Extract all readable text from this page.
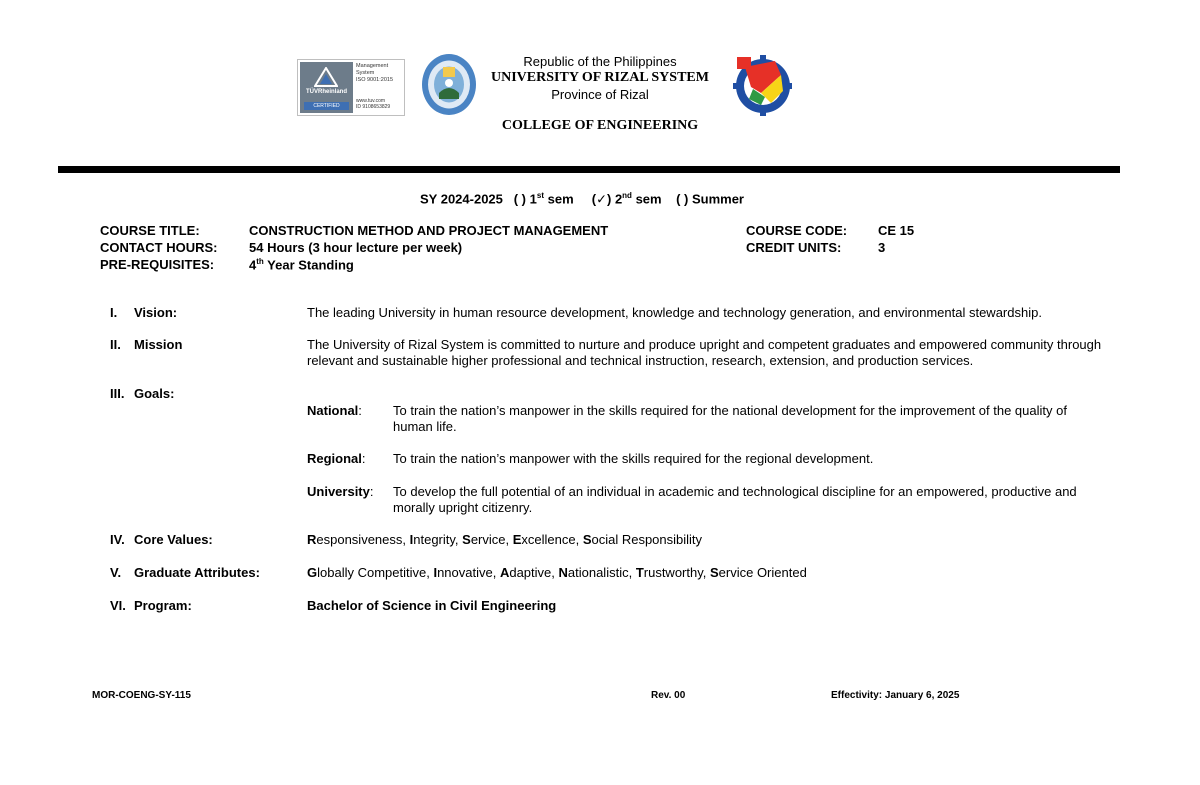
TÜVRheinland
CERTIFIED
Management
System
ISO 9001:2015
www.tuv.com
ID 9108653829
Republic of the Philippines
UNIVERSITY OF RIZAL SYSTEM
Province of Rizal
COLLEGE OF ENGINEERING
SY 2024-2025 ( ) 1st sem (✓) 2nd sem ( ) Summer
COURSE TITLE:	CONSTRUCTION METHOD AND PROJECT MANAGEMENT	COURSE CODE: CE 15
CONTACT HOURS: 54 Hours (3 hour lecture per week)	CREDIT UNITS:	3
PRE-REQUISITES:	4th Year Standing
I. Vision:	The leading University in human resource development, knowledge and technology generation, and environmental stewardship.
II. Mission	The University of Rizal System is committed to nurture and produce upright and competent graduates and empowered community through relevant and sustainable higher professional and technical instruction, research, extension, and production services.
III. Goals:
National: To train the nation’s manpower in the skills required for the national development for the improvement of the quality of human life.
Regional: To train the nation’s manpower with the skills required for the regional development.
University: To develop the full potential of an individual in academic and technological discipline for an empowered, productive and morally upright citizenry.
IV. Core Values:	Responsiveness, Integrity, Service, Excellence, Social Responsibility
V. Graduate Attributes:	Globally Competitive, Innovative, Adaptive, Nationalistic, Trustworthy, Service Oriented
VI. Program:	Bachelor of Science in Civil Engineering
MOR-COENG-SY-115	Rev. 00	Effectivity: January 6, 2025
